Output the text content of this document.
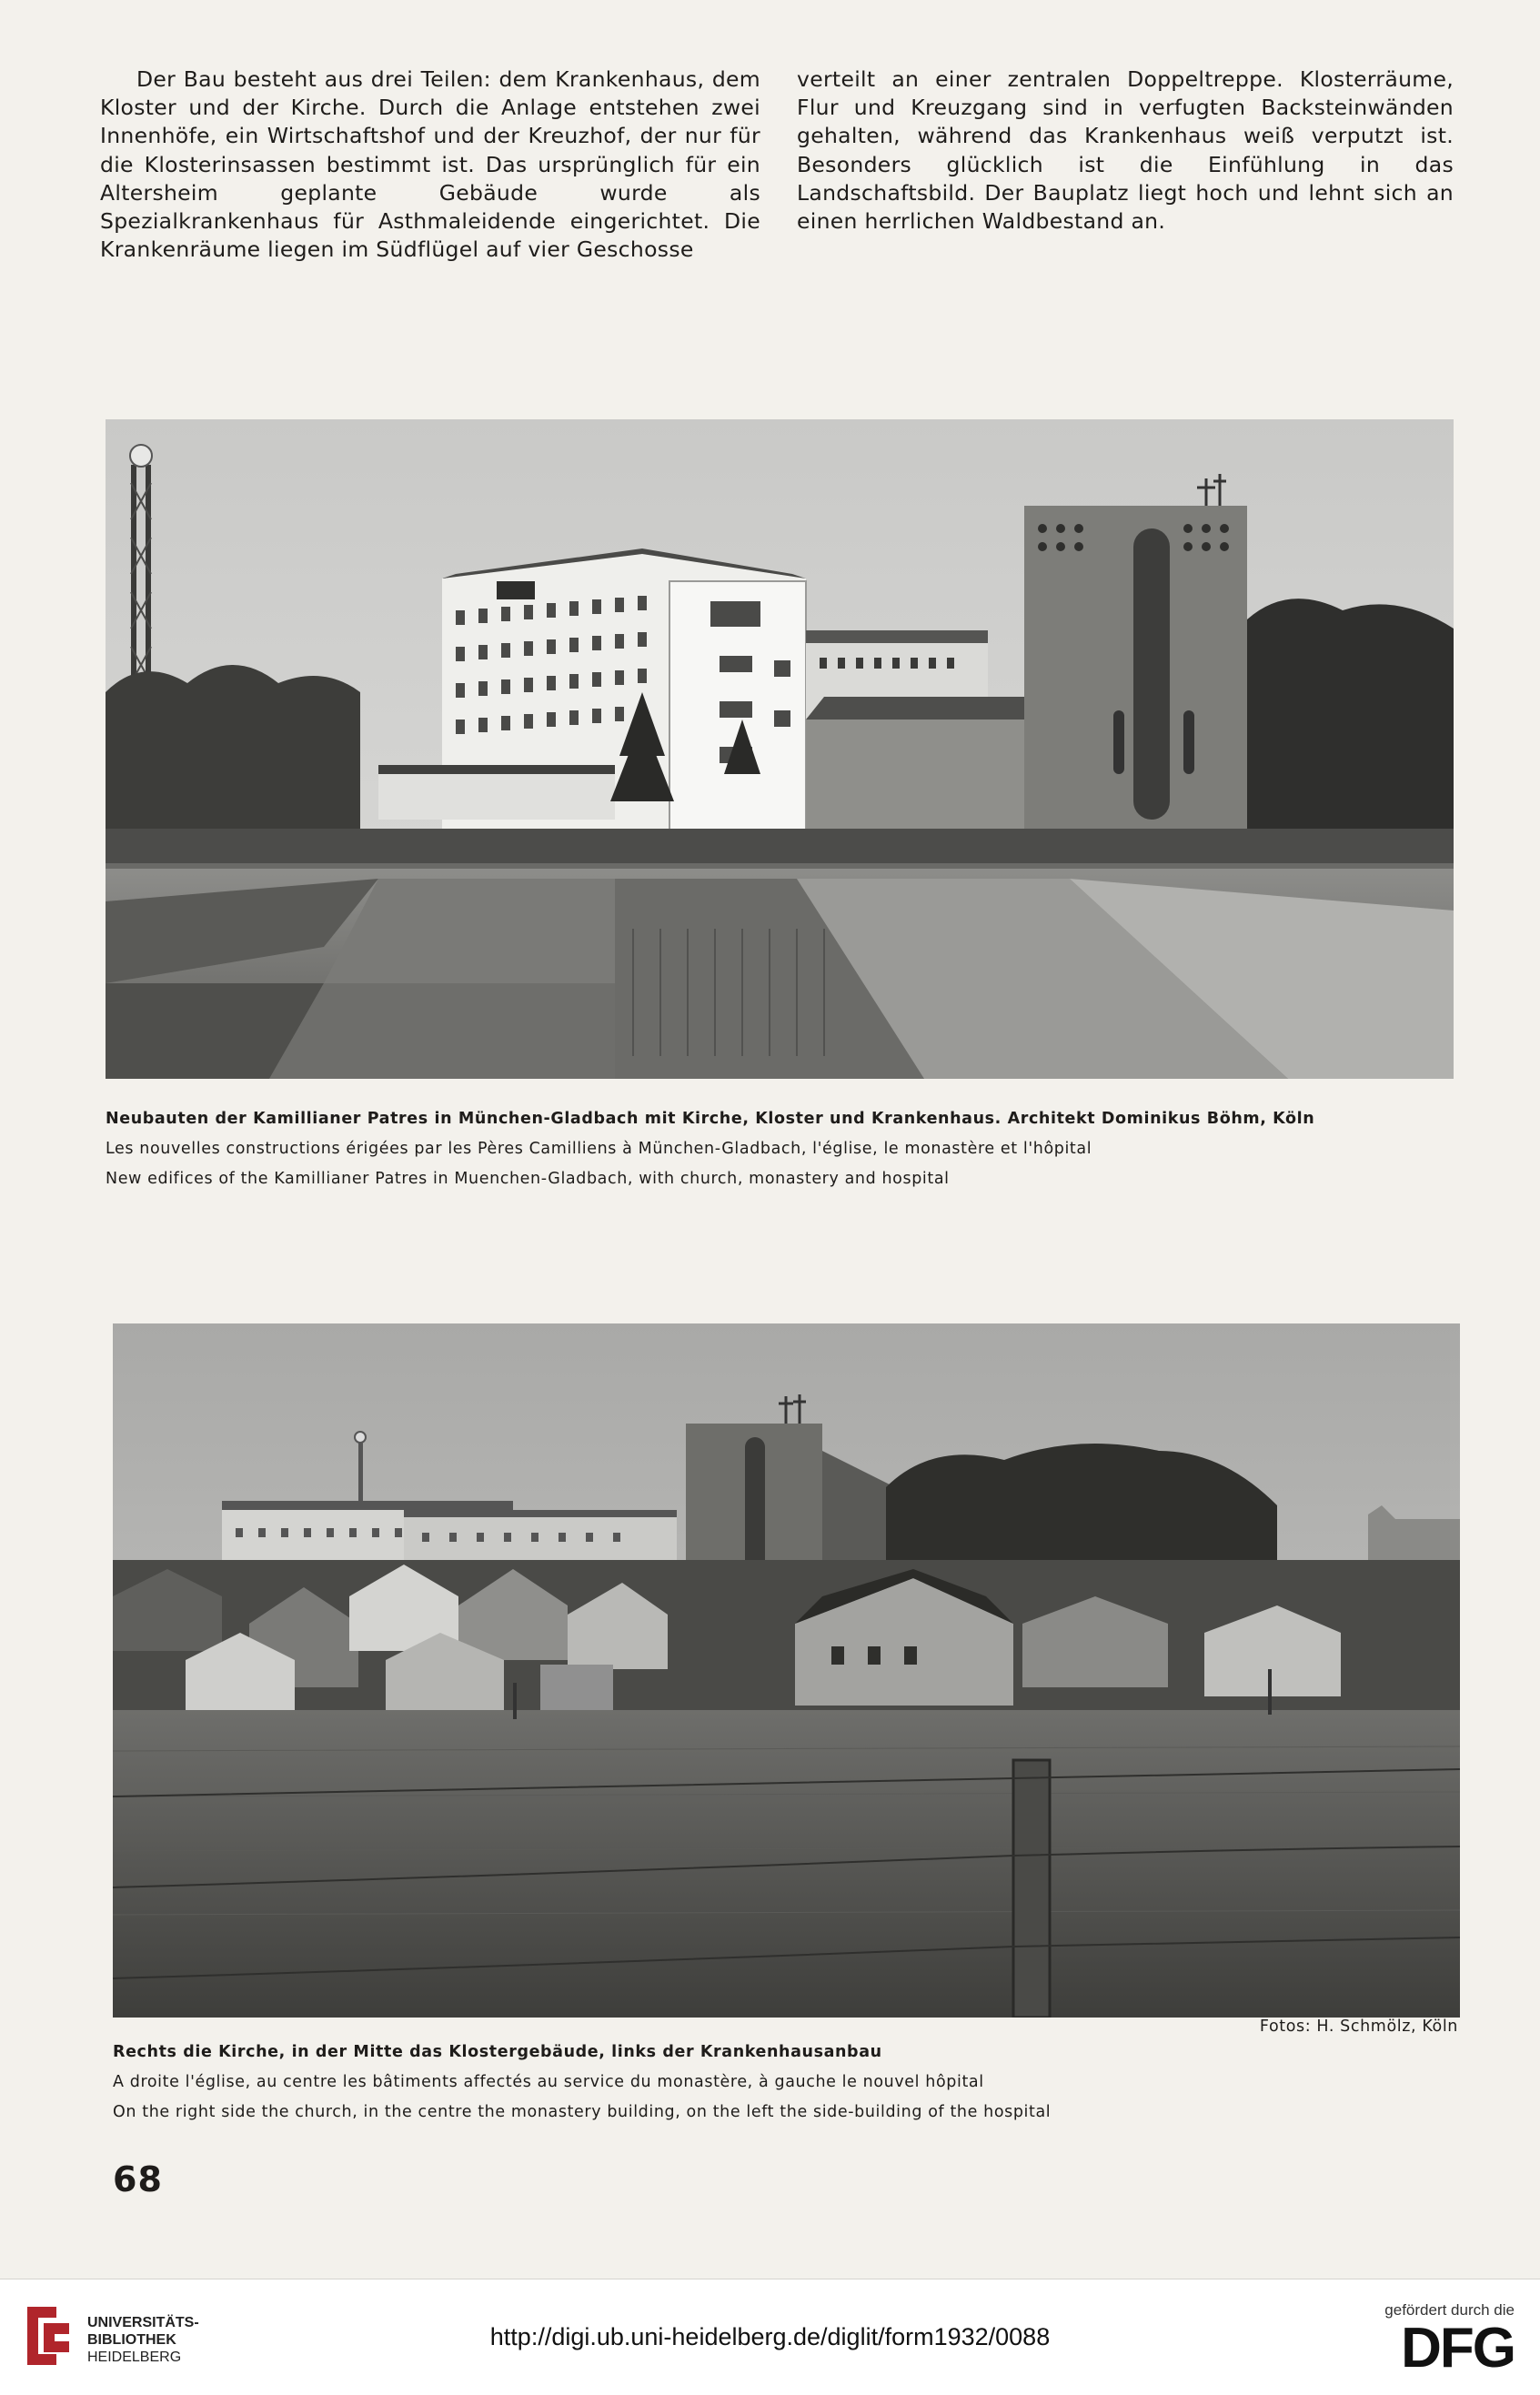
Der Bau besteht aus drei Teilen: dem Krankenhaus, dem Kloster und der Kirche. Durch die Anlage entstehen zwei Innenhöfe, ein Wirtschaftshof und der Kreuzhof, der nur für die Klosterinsassen bestimmt ist. Das ursprünglich für ein Altersheim geplante Gebäude wurde als Spezialkrankenhaus für Asthmaleidende eingerichtet. Die Krankenräume liegen im Südflügel auf vier Geschosse

verteilt an einer zentralen Doppeltreppe. Klosterräume, Flur und Kreuzgang sind in verfugten Backsteinwänden gehalten, während das Krankenhaus weiß verputzt ist. Besonders glücklich ist die Einfühlung in das Landschaftsbild. Der Bauplatz liegt hoch und lehnt sich an einen herrlichen Waldbestand an.

Neubauten der Kamillianer Patres in München-Gladbach mit Kirche, Kloster und Krankenhaus. Architekt Dominikus Böhm, Köln
Les nouvelles constructions érigées par les Pères Camilliens à München-Gladbach, l'église, le monastère et l'hôpital
New edifices of the Kamillianer Patres in Muenchen-Gladbach, with church, monastery and hospital
Fotos: H. Schmölz, Köln
Rechts die Kirche, in der Mitte das Klostergebäude, links der Krankenhausanbau
A droite l'église, au centre les bâtiments affectés au service du monastère, à gauche le nouvel hôpital
On the right side the church, in the centre the monastery building, on the left the side-building of the hospital
68
UNIVERSITÄTS-
BIBLIOTHEK
HEIDELBERG
http://digi.ub.uni-heidelberg.de/diglit/form1932/0088
gefördert durch die
DFG
